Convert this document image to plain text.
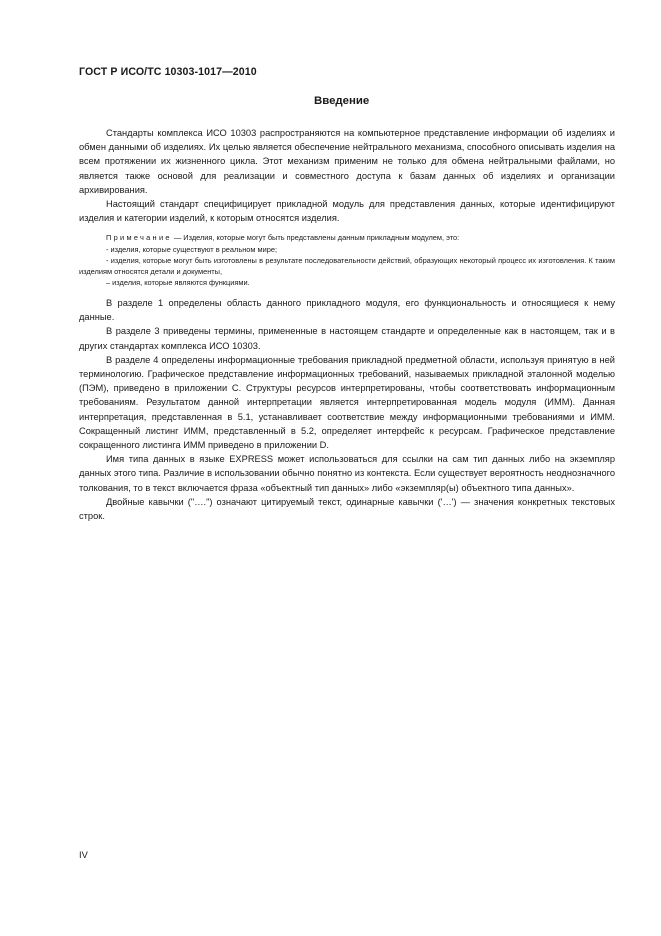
ГОСТ Р ИСО/ТС 10303-1017—2010
Введение

Стандарты комплекса ИСО 10303 распространяются на компьютерное представление информации об изделиях и обмен данными об изделиях. Их целью является обеспечение нейтрального механизма, способного описывать изделия на всем протяжении их жизненного цикла. Этот механизм применим не только для обмена нейтральными файлами, но является также основой для реализации и совместного доступа к базам данных об изделиях и организации архивирования.

Настоящий стандарт специфицирует прикладной модуль для представления данных, которые идентифицируют изделия и категории изделий, к которым относятся изделия.

Примечание — Изделия, которые могут быть представлены данным прикладным модулем, это:

- изделия, которые существуют в реальном мире;

- изделия, которые могут быть изготовлены в результате последовательности действий, образующих некоторый процесс их изготовления. К таким изделиям относятся детали и документы,

– изделия, которые являются функциями.

В разделе 1 определены область данного прикладного модуля, его функциональность и относящиеся к нему данные.

В разделе 3 приведены термины, примененные в настоящем стандарте и определенные как в настоящем, так и в других стандартах комплекса ИСО 10303.

В разделе 4 определены информационные требования прикладной предметной области, используя принятую в ней терминологию. Графическое представление информационных требований, называемых прикладной эталонной моделью (ПЭМ), приведено в приложении С. Структуры ресурсов интерпретированы, чтобы соответствовать информационным требованиям. Результатом данной интерпретации является интерпретированная модель модуля (ИММ). Данная интерпретация, представленная в 5.1, устанавливает соответствие между информационными требованиями и ИММ. Сокращенный листинг ИММ, представленный в 5.2, определяет интерфейс к ресурсам. Графическое представление сокращенного листинга ИММ приведено в приложении D.

Имя типа данных в языке EXPRESS может использоваться для ссылки на сам тип данных либо на экземпляр данных этого типа. Различие в использовании обычно понятно из контекста. Если существует вероятность неоднозначного толкования, то в текст включается фраза «объектный тип данных» либо «экземпляр(ы) объектного типа данных».

Двойные кавычки ("….") означают цитируемый текст, одинарные кавычки ('…') — значения конкретных текстовых строк.

IV
